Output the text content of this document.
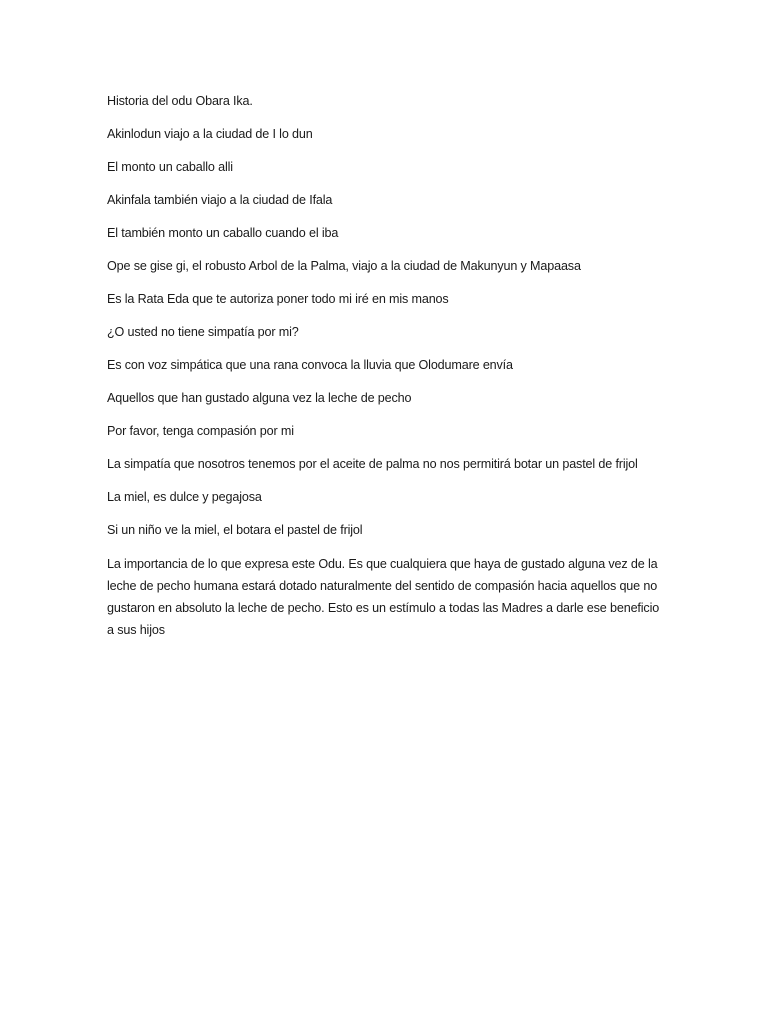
Historia del odu Obara Ika.

Akinlodun viajo a la ciudad de I lo dun

El monto un caballo alli

Akinfala también viajo a la ciudad de Ifala

El también monto un caballo cuando el iba

Ope se gise gi, el robusto Arbol de la Palma, viajo a la ciudad de Makunyun y Mapaasa

Es la Rata Eda que te autoriza poner todo mi iré en mis manos

¿O usted no tiene simpatía por mi?

Es con voz simpática que una rana convoca la lluvia que Olodumare envía

Aquellos que han gustado alguna vez la leche de pecho

Por favor, tenga compasión por mi

La simpatía que nosotros tenemos por el aceite de palma no nos permitirá botar un pastel de frijol

La miel, es dulce y pegajosa

Si un niño ve la miel, el botara el pastel de frijol

La importancia de lo que expresa este Odu. Es que cualquiera que haya de gustado alguna vez de la leche de pecho humana estará dotado naturalmente del sentido de compasión hacia aquellos que no gustaron en absoluto la leche de pecho. Esto es un estímulo a todas las Madres a darle ese beneficio a sus hijos
